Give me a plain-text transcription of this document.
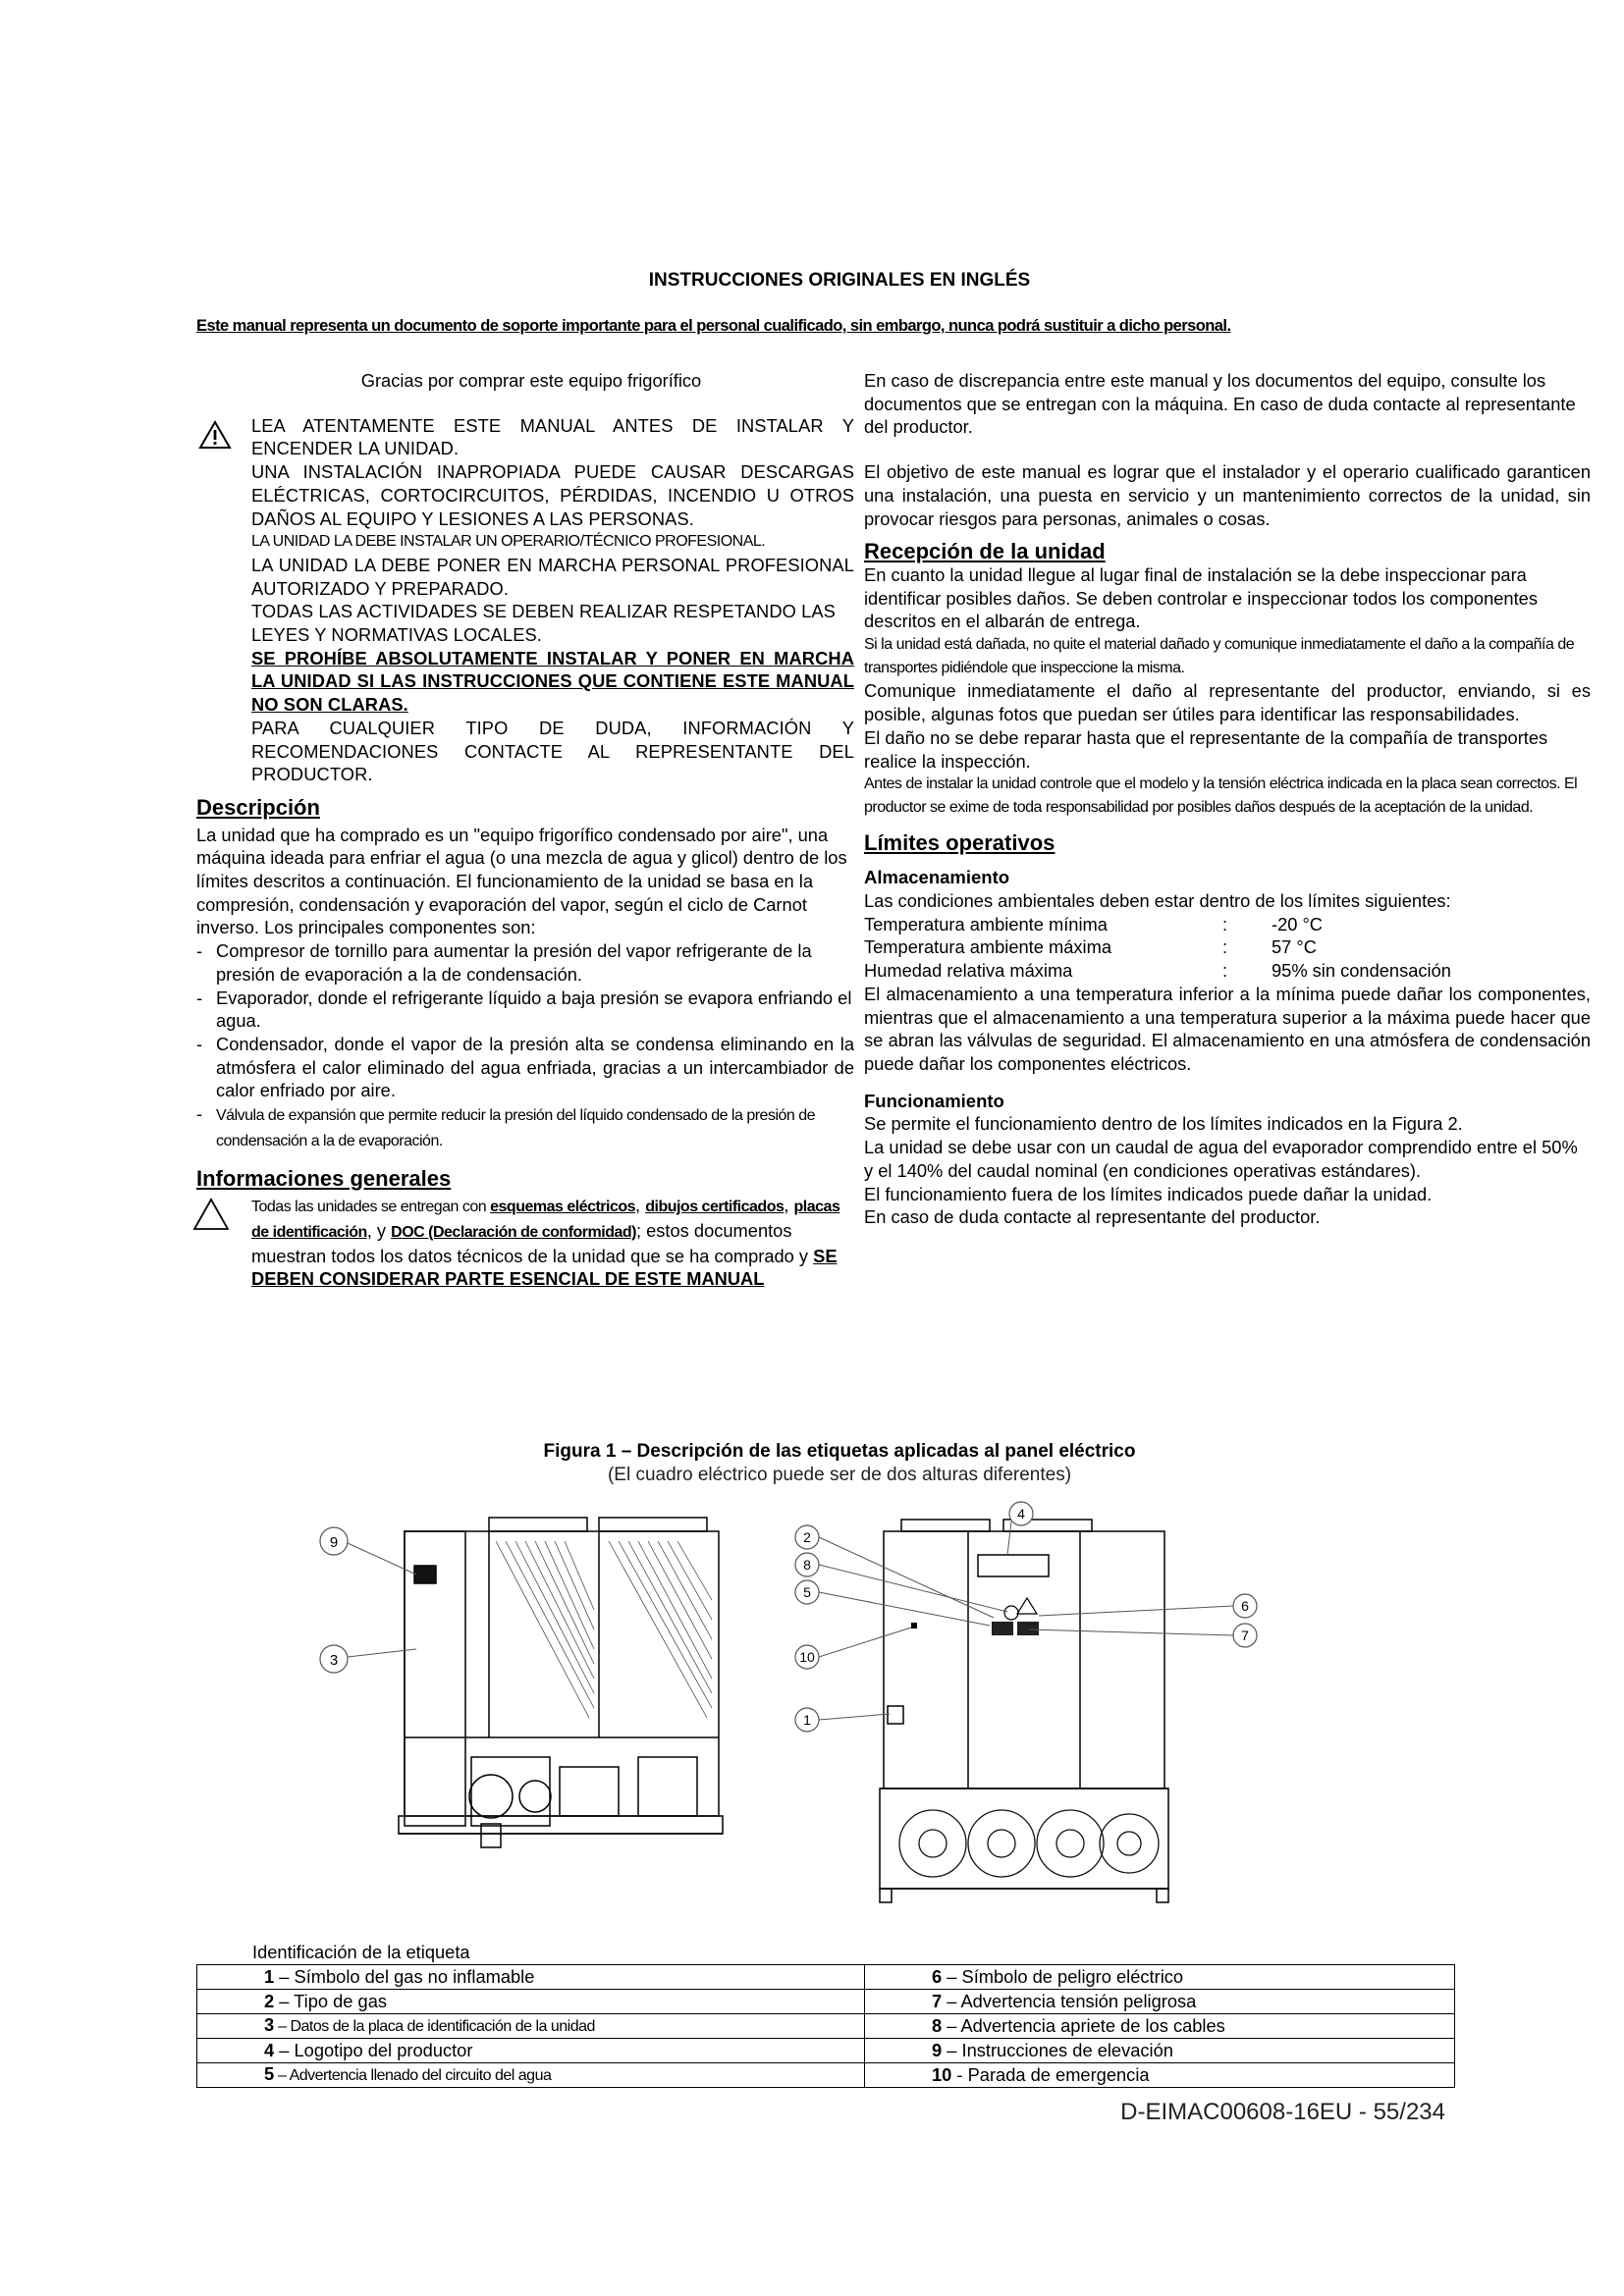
INSTRUCCIONES ORIGINALES EN INGLÉS
Este manual representa un documento de soporte importante para el personal cualificado, sin embargo, nunca podrá sustituir a dicho personal.

Gracias por comprar este equipo frigorífico

LEA ATENTAMENTE ESTE MANUAL ANTES DE INSTALAR Y ENCENDER LA UNIDAD.

UNA INSTALACIÓN INAPROPIADA PUEDE CAUSAR DESCARGAS ELÉCTRICAS, CORTOCIRCUITOS, PÉRDIDAS, INCENDIO U OTROS DAÑOS AL EQUIPO Y LESIONES A LAS PERSONAS.

LA UNIDAD LA DEBE INSTALAR UN OPERARIO/TÉCNICO PROFESIONAL.

LA UNIDAD LA DEBE PONER EN MARCHA PERSONAL PROFESIONAL AUTORIZADO Y PREPARADO.

TODAS LAS ACTIVIDADES SE DEBEN REALIZAR RESPETANDO LAS LEYES Y NORMATIVAS LOCALES.

SE PROHÍBE ABSOLUTAMENTE INSTALAR Y PONER EN MARCHA LA UNIDAD SI LAS INSTRUCCIONES QUE CONTIENE ESTE MANUAL NO SON CLARAS.

PARA CUALQUIER TIPO DE DUDA, INFORMACIÓN Y RECOMENDACIONES CONTACTE AL REPRESENTANTE DEL PRODUCTOR.

Descripción

La unidad que ha comprado es un "equipo frigorífico condensado por aire", una máquina ideada para enfriar el agua (o una mezcla de agua y glicol) dentro de los límites descritos a continuación. El funcionamiento de la unidad se basa en la compresión, condensación y evaporación del vapor, según el ciclo de Carnot inverso. Los principales componentes son:

- Compresor de tornillo para aumentar la presión del vapor refrigerante de la presión de evaporación a la de condensación.
- Evaporador, donde el refrigerante líquido a baja presión se evapora enfriando el agua.
- Condensador, donde el vapor de la presión alta se condensa eliminando en la atmósfera el calor eliminado del agua enfriada, gracias a un intercambiador de calor enfriado por aire.
- Válvula de expansión que permite reducir la presión del líquido condensado de la presión de condensación a la de evaporación.

Informaciones generales

Todas las unidades se entregan con esquemas eléctricos, dibujos certificados, placas de identificación, y DOC (Declaración de conformidad); estos documentos muestran todos los datos técnicos de la unidad que se ha comprado y SE DEBEN CONSIDERAR PARTE ESENCIAL DE ESTE MANUAL

En caso de discrepancia entre este manual y los documentos del equipo, consulte los documentos que se entregan con la máquina. En caso de duda contacte al representante del productor.

El objetivo de este manual es lograr que el instalador y el operario cualificado garanticen una instalación, una puesta en servicio y un mantenimiento correctos de la unidad, sin provocar riesgos para personas, animales o cosas.

Recepción de la unidad

En cuanto la unidad llegue al lugar final de instalación se la debe inspeccionar para identificar posibles daños. Se deben controlar e inspeccionar todos los componentes descritos en el albarán de entrega.

Si la unidad está dañada, no quite el material dañado y comunique inmediatamente el daño a la compañía de transportes pidiéndole que inspeccione la misma.

Comunique inmediatamente el daño al representante del productor, enviando, si es posible, algunas fotos que puedan ser útiles para identificar las responsabilidades.

El daño no se debe reparar hasta que el representante de la compañía de transportes realice la inspección.

Antes de instalar la unidad controle que el modelo y la tensión eléctrica indicada en la placa sean correctos. El productor se exime de toda responsabilidad por posibles daños después de la aceptación de la unidad.

Límites operativos

Almacenamiento

Las condiciones ambientales deben estar dentro de los límites siguientes:

Temperatura ambiente mínima	:	-20 °C
Temperatura ambiente máxima	:	57 °C
Humedad relativa máxima	:	95% sin condensación

El almacenamiento a una temperatura inferior a la mínima puede dañar los componentes, mientras que el almacenamiento a una temperatura superior a la máxima puede hacer que se abran las válvulas de seguridad. El almacenamiento en una atmósfera de condensación puede dañar los componentes eléctricos.

Funcionamiento

Se permite el funcionamiento dentro de los límites indicados en la Figura 2.

La unidad se debe usar con un caudal de agua del evaporador comprendido entre el 50% y el 140% del caudal nominal (en condiciones operativas estándares).

El funcionamiento fuera de los límites indicados puede dañar la unidad.

En caso de duda contacte al representante del productor.

Figura 1 – Descripción de las etiquetas aplicadas al panel eléctrico
(El cuadro eléctrico puede ser de dos alturas diferentes)
9
3
2
8
5
10
1
4
6
7
Identificación de la etiqueta
1 – Símbolo del gas no inflamable	6 – Símbolo de peligro eléctrico
2 – Tipo de gas	7 – Advertencia tensión peligrosa
3 – Datos de la placa de identificación de la unidad	8 – Advertencia apriete de los cables
4 – Logotipo del productor	9 – Instrucciones de elevación
5 – Advertencia llenado del circuito del agua	10 - Parada de emergencia
D-EIMAC00608-16EU - 55/234
